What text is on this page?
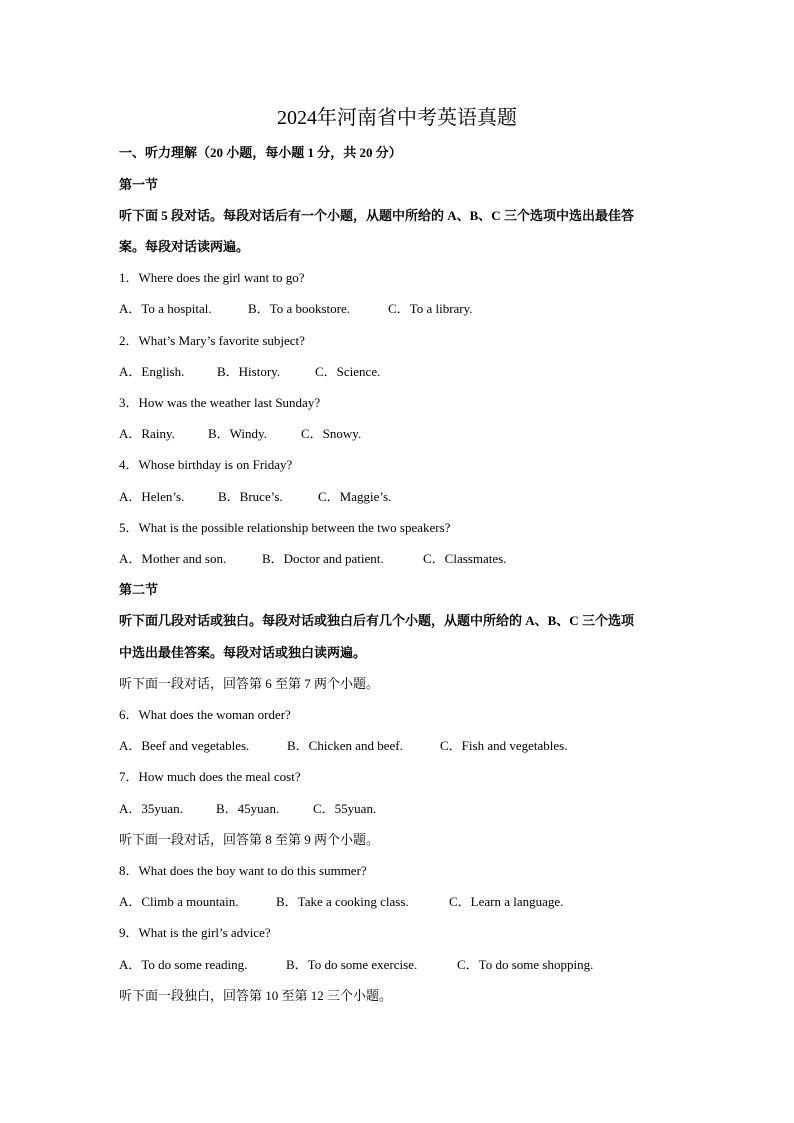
2024年河南省中考英语真题
一、听力理解（20 小题，每小题 1 分，共 20 分）
第一节
听下面 5 段对话。每段对话后有一个小题，从题中所给的 A、B、C 三个选项中选出最佳答
案。每段对话读两遍。
1．Where does the girl want to go?
A．To a hospital.	B．To a bookstore.	C．To a library.
2．What’s Mary’s favorite subject?
A．English.	B．History.	C．Science.
3．How was the weather last Sunday?
A．Rainy.	B．Windy.	C．Snowy.
4．Whose birthday is on Friday?
A．Helen’s.	B．Bruce’s.	C．Maggie’s.
5．What is the possible relationship between the two speakers?
A．Mother and son.	B．Doctor and patient.	C．Classmates.
第二节
听下面几段对话或独白。每段对话或独白后有几个小题，从题中所给的 A、B、C 三个选项
中选出最佳答案。每段对话或独白读两遍。
听下面一段对话，回答第 6 至第 7 两个小题。
6．What does the woman order?
A．Beef and vegetables.	B．Chicken and beef.	C．Fish and vegetables.
7．How much does the meal cost?
A．35yuan.	B．45yuan.	C．55yuan.
听下面一段对话，回答第 8 至第 9 两个小题。
8．What does the boy want to do this summer?
A．Climb a mountain.	B．Take a cooking class.	C．Learn a language.
9．What is the girl’s advice?
A．To do some reading.	B．To do some exercise.	C．To do some shopping.
听下面一段独白，回答第 10 至第 12 三个小题。
